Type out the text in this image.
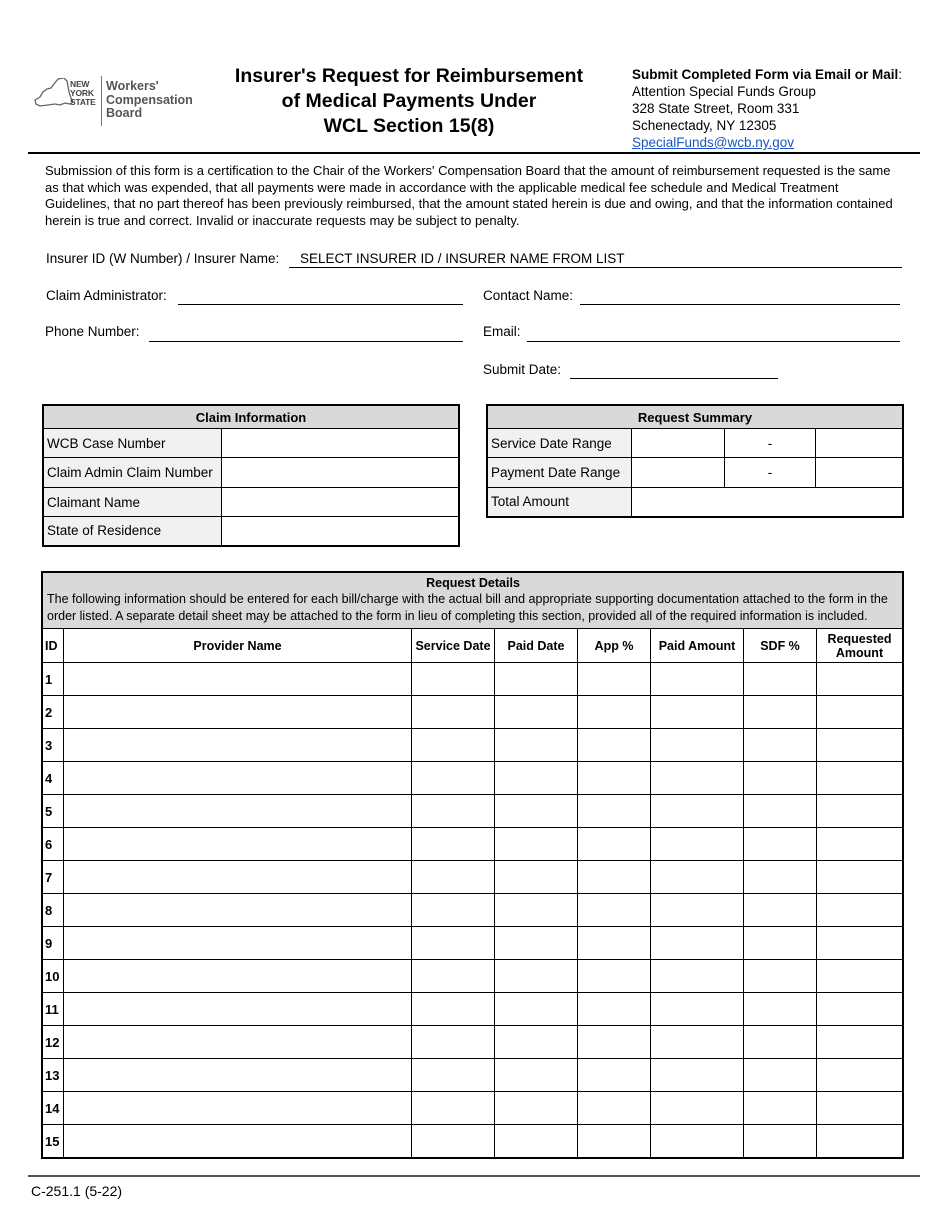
NEW
YORK
STATE
Workers'
Compensation
Board
Insurer's Request for Reimbursement
of Medical Payments Under
WCL Section 15(8)
Submit Completed Form via Email or Mail:
Attention Special Funds Group
328 State Street, Room 331
Schenectady, NY 12305
SpecialFunds@wcb.ny.gov
Submission of this form is a certification to the Chair of the Workers' Compensation Board that the amount of reimbursement requested is the same as that which was expended, that all payments were made in accordance with the applicable medical fee schedule and Medical Treatment Guidelines, that no part thereof has been previously reimbursed, that the amount stated herein is due and owing, and that the information contained herein is true and correct. Invalid or inaccurate requests may be subject to penalty.
Insurer ID (W Number) / Insurer Name: SELECT INSURER ID / INSURER NAME FROM LIST
Claim Administrator:	Contact Name:
Phone Number:	Email:
Submit Date:
Claim Information	
WCB Case Number	
Claim Admin Claim Number	
Claimant Name	
State of Residence	
Request Summary			
Service Date Range		-	
Payment Date Range		-	
Total Amount			
Request Details
The following information should be entered for each bill/charge with the actual bill and appropriate supporting documentation attached to the form in the order listed. A separate detail sheet may be attached to the form in lieu of completing this section, provided all of the required information is included.							
ID	Provider Name	Service Date	Paid Date	App %	Paid Amount	SDF %	Requested Amount
1							
2							
3							
4							
5							
6							
7							
8							
9							
10							
11							
12							
13							
14							
15							
C-251.1 (5-22)
